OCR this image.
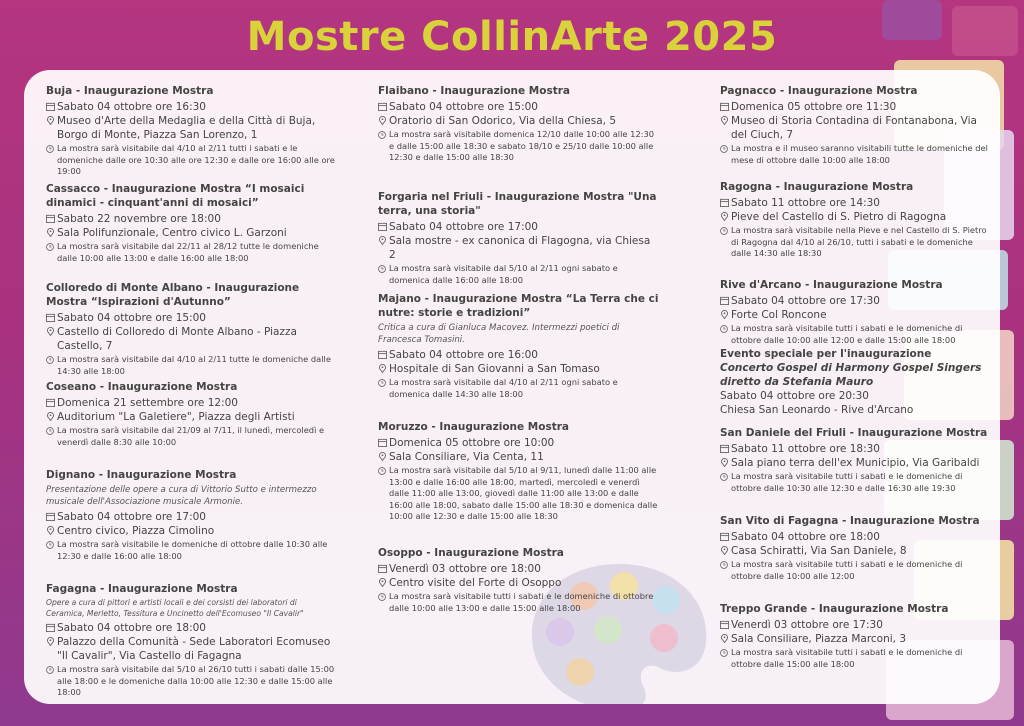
Mostre CollinArte 2025
Buja - Inaugurazione Mostra
Sabato 04 ottobre ore 16:30
Museo d'Arte della Medaglia e della Città di Buja, Borgo di Monte, Piazza San Lorenzo, 1
La mostra sarà visitabile dal 4/10 al 2/11 tutti i sabati e le domeniche dalle ore 10:30 alle ore 12:30 e dalle ore 16:00 alle ore 19:00
Cassacco - Inaugurazione Mostra “I mosaici dinamici - cinquant'anni di mosaici”
Sabato 22 novembre ore 18:00
Sala Polifunzionale, Centro civico L. Garzoni
La mostra sarà visitabile dal 22/11 al 28/12 tutte le domeniche dalle 10:00 alle 13:00 e dalle 16:00 alle 18:00
Colloredo di Monte Albano - Inaugurazione Mostra “Ispirazioni d'Autunno”
Sabato 04 ottobre ore 15:00
Castello di Colloredo di Monte Albano - Piazza Castello, 7
La mostra sarà visitabile dal 4/10 al 2/11 tutte le domeniche dalle 14:30 alle 18:00
Coseano - Inaugurazione Mostra
Domenica 21 settembre ore 12:00
Auditorium "La Galetiere", Piazza degli Artisti
La mostra sarà visitabile dal 21/09 al 7/11, il lunedì, mercoledì e venerdì dalle 8:30 alle 10:00
Dignano - Inaugurazione Mostra
Presentazione delle opere a cura di Vittorio Sutto e intermezzo musicale dell'Associazione musicale Armonie.
Sabato 04 ottobre ore 17:00
Centro civico, Piazza Cimolino
La mostra sarà visitabile le domeniche di ottobre dalle 10:30 alle 12:30 e dalle 16:00 alle 18:00
Fagagna - Inaugurazione Mostra
Opere a cura di pittori e artisti locali e dei corsisti dei laboratori di Ceramica, Merletto, Tessitura e Uncinetto dell'Ecomuseo "Il Cavalir"
Sabato 04 ottobre ore 18:00
Palazzo della Comunità - Sede Laboratori Ecomuseo "Il Cavalir", Via Castello di Fagagna
La mostra sarà visitabile dal 5/10 al 26/10 tutti i sabati dalle 15:00 alle 18:00 e le domeniche dalla 10:00 alle 12:30 e dalle 15:00 alle 18:00
Flaibano - Inaugurazione Mostra
Sabato 04 ottobre ore 15:00
Oratorio di San Odorico, Via della Chiesa, 5
La mostra sarà visitabile domenica 12/10 dalle 10:00 alle 12:30 e dalle 15:00 alle 18:30 e sabato 18/10 e 25/10 dalle 10:00 alle 12:30 e dalle 15:00 alle 18:30
Forgaria nel Friuli - Inaugurazione Mostra "Una terra, una storia"
Sabato 04 ottobre ore 17:00
Sala mostre - ex canonica di Flagogna, via Chiesa 2
La mostra sarà visitabile dal 5/10 al 2/11 ogni sabato e domenica dalle 16:00 alle 18:00
Majano - Inaugurazione Mostra “La Terra che ci nutre: storie e tradizioni”
Critica a cura di Gianluca Macovez. Intermezzi poetici di Francesca Tomasini.
Sabato 04 ottobre ore 16:00
Hospitale di San Giovanni a San Tomaso
La mostra sarà visitabile dal 4/10 al 2/11 ogni sabato e domenica dalle 14:30 alle 18:00
Moruzzo - Inaugurazione Mostra
Domenica 05 ottobre ore 10:00
Sala Consiliare, Via Centa, 11
La mostra sarà visitabile dal 5/10 al 9/11, lunedì dalle 11:00 alle 13:00 e dalle 16:00 alle 18:00, martedì, mercoledì e venerdì dalle 11:00 alle 13:00, giovedì dalle 11:00 alle 13:00 e dalle 16:00 alle 18:00, sabato dalle 15:00 alle 18:30 e domenica dalle 10:00 alle 12:30 e dalle 15:00 alle 18:30
Osoppo - Inaugurazione Mostra
Venerdì 03 ottobre ore 18:00
Centro visite del Forte di Osoppo
La mostra sarà visitabile tutti i sabati e le domeniche di ottobre dalle 10:00 alle 13:00 e dalle 15:00 alle 18:00
Pagnacco - Inaugurazione Mostra
Domenica 05 ottobre ore 11:30
Museo di Storia Contadina di Fontanabona, Via del Ciuch, 7
La mostra e il museo saranno visitabili tutte le domeniche del mese di ottobre dalle 10:00 alle 18:00
Ragogna - Inaugurazione Mostra
Sabato 11 ottobre ore 14:30
Pieve del Castello di S. Pietro di Ragogna
La mostra sarà visitabile nella Pieve e nel Castello di S. Pietro di Ragogna dal 4/10 al 26/10, tutti i sabati e le domeniche dalle 14:30 alle 18:30
Rive d'Arcano - Inaugurazione Mostra
Sabato 04 ottobre ore 17:30
Forte Col Roncone
La mostra sarà visitabile tutti i sabati e le domeniche di ottobre dalle 10:00 alle 12:00 e dalle 15:00 alle 18:00
Evento speciale per l'inaugurazione Concerto Gospel di Harmony Gospel Singers diretto da Stefania Mauro
Sabato 04 ottobre ore 20:30
Chiesa San Leonardo - Rive d'Arcano
San Daniele del Friuli - Inaugurazione Mostra
Sabato 11 ottobre ore 18:30
Sala piano terra dell'ex Municipio, Via Garibaldi
La mostra sarà visitabile tutti i sabati e le domeniche di ottobre dalle 10:30 alle 12:30 e dalle 16:30 alle 19:30
San Vito di Fagagna - Inaugurazione Mostra
Sabato 04 ottobre ore 18:00
Casa Schiratti, Via San Daniele, 8
La mostra sarà visitabile tutti i sabati e le domeniche di ottobre dalle 10:00 alle 12:00
Treppo Grande - Inaugurazione Mostra
Venerdì 03 ottobre ore 17:30
Sala Consiliare, Piazza Marconi, 3
La mostra sarà visitabile tutti i sabati e le domeniche di ottobre dalle 15:00 alle 18:00
